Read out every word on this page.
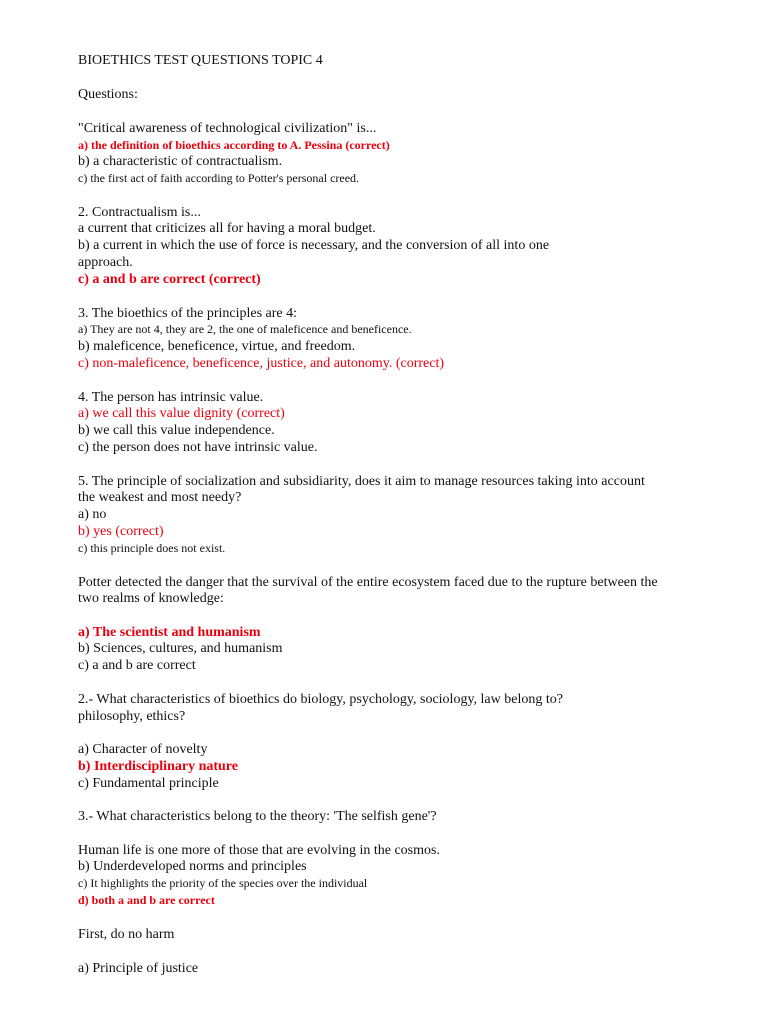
BIOETHICS TEST QUESTIONS TOPIC 4
Questions:
"Critical awareness of technological civilization" is...
a) the definition of bioethics according to A. Pessina (correct)
b) a characteristic of contractualism.
c) the first act of faith according to Potter's personal creed.
2. Contractualism is...
a current that criticizes all for having a moral budget.
b) a current in which the use of force is necessary, and the conversion of all into one
approach.
c) a and b are correct (correct)
3. The bioethics of the principles are 4:
a) They are not 4, they are 2, the one of maleficence and beneficence.
b) maleficence, beneficence, virtue, and freedom.
c) non-maleficence, beneficence, justice, and autonomy. (correct)
4. The person has intrinsic value.
a) we call this value dignity (correct)
b) we call this value independence.
c) the person does not have intrinsic value.
5. The principle of socialization and subsidiarity, does it aim to manage resources taking into account
the weakest and most needy?
a) no
b) yes (correct)
c) this principle does not exist.
Potter detected the danger that the survival of the entire ecosystem faced due to the rupture between the
two realms of knowledge:
a) The scientist and humanism
b) Sciences, cultures, and humanism
c) a and b are correct
2.- What characteristics of bioethics do biology, psychology, sociology, law belong to?
philosophy, ethics?
a) Character of novelty
b) Interdisciplinary nature
c) Fundamental principle
3.- What characteristics belong to the theory: 'The selfish gene'?
Human life is one more of those that are evolving in the cosmos.
b) Underdeveloped norms and principles
c) It highlights the priority of the species over the individual
d) both a and b are correct
First, do no harm
a) Principle of justice
